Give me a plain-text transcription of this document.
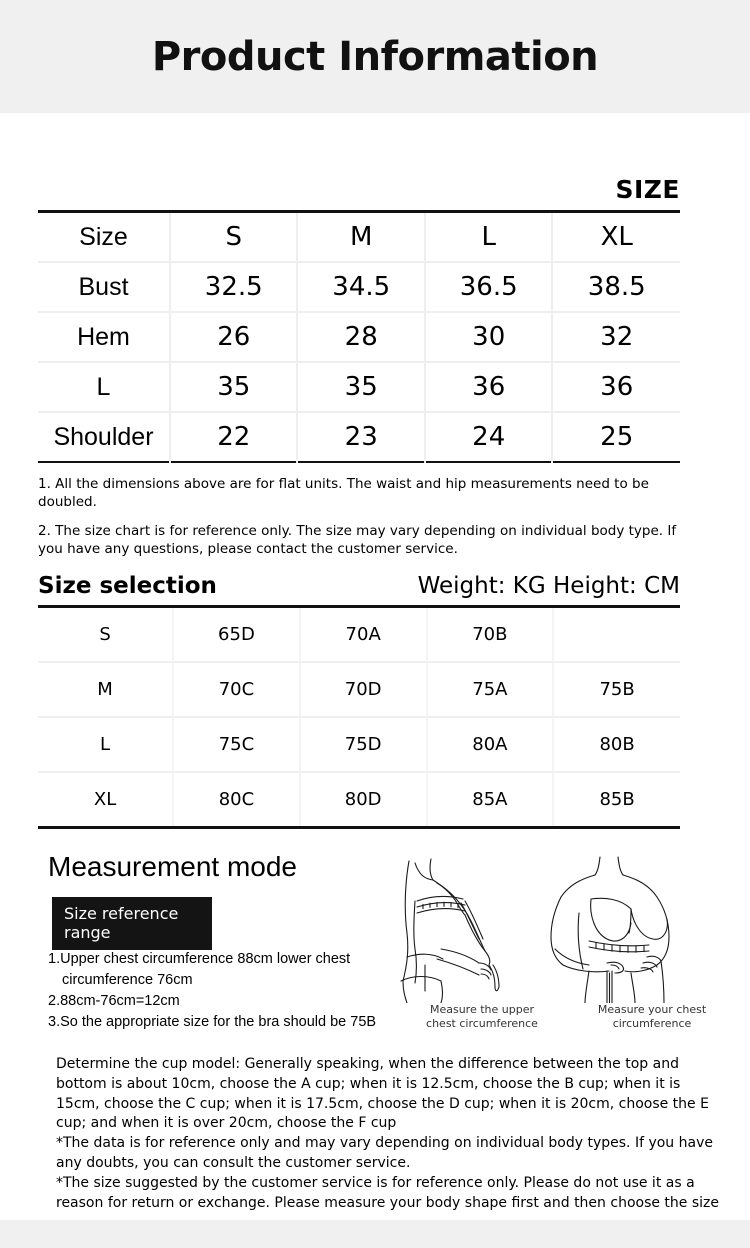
Product Information
SIZE
Size	S	M	L	XL
Bust	32.5	34.5	36.5	38.5
Hem	26	28	30	32
L	35	35	36	36
Shoulder	22	23	24	25

1. All the dimensions above are for flat units. The waist and hip measurements need to be doubled.

2. The size chart is for reference only. The size may vary depending on individual body type. If you have any questions, please contact the customer service.

Size selection	Weight: KG Height: CM
S	65D	70A	70B	
M	70C	70D	75A	75B
L	75C	75D	80A	80B
XL	80C	80D	85A	85B
Measurement mode
Size reference range
1.Upper chest circumference 88cm lower chest
circumference 76cm
2.88cm-76cm=12cm
3.So the appropriate size for the bra should be 75B
Measure the upper
chest circumference
Measure your chest
circumference

Determine the cup model: Generally speaking, when the difference between the top and bottom is about 10cm, choose the A cup; when it is 12.5cm, choose the B cup; when it is 15cm, choose the C cup; when it is 17.5cm, choose the D cup; when it is 20cm, choose the E cup; and when it is over 20cm, choose the F cup

*The data is for reference only and may vary depending on individual body types. If you have any doubts, you can consult the customer service.

*The size suggested by the customer service is for reference only. Please do not use it as a reason for return or exchange. Please measure your body shape first and then choose the size
